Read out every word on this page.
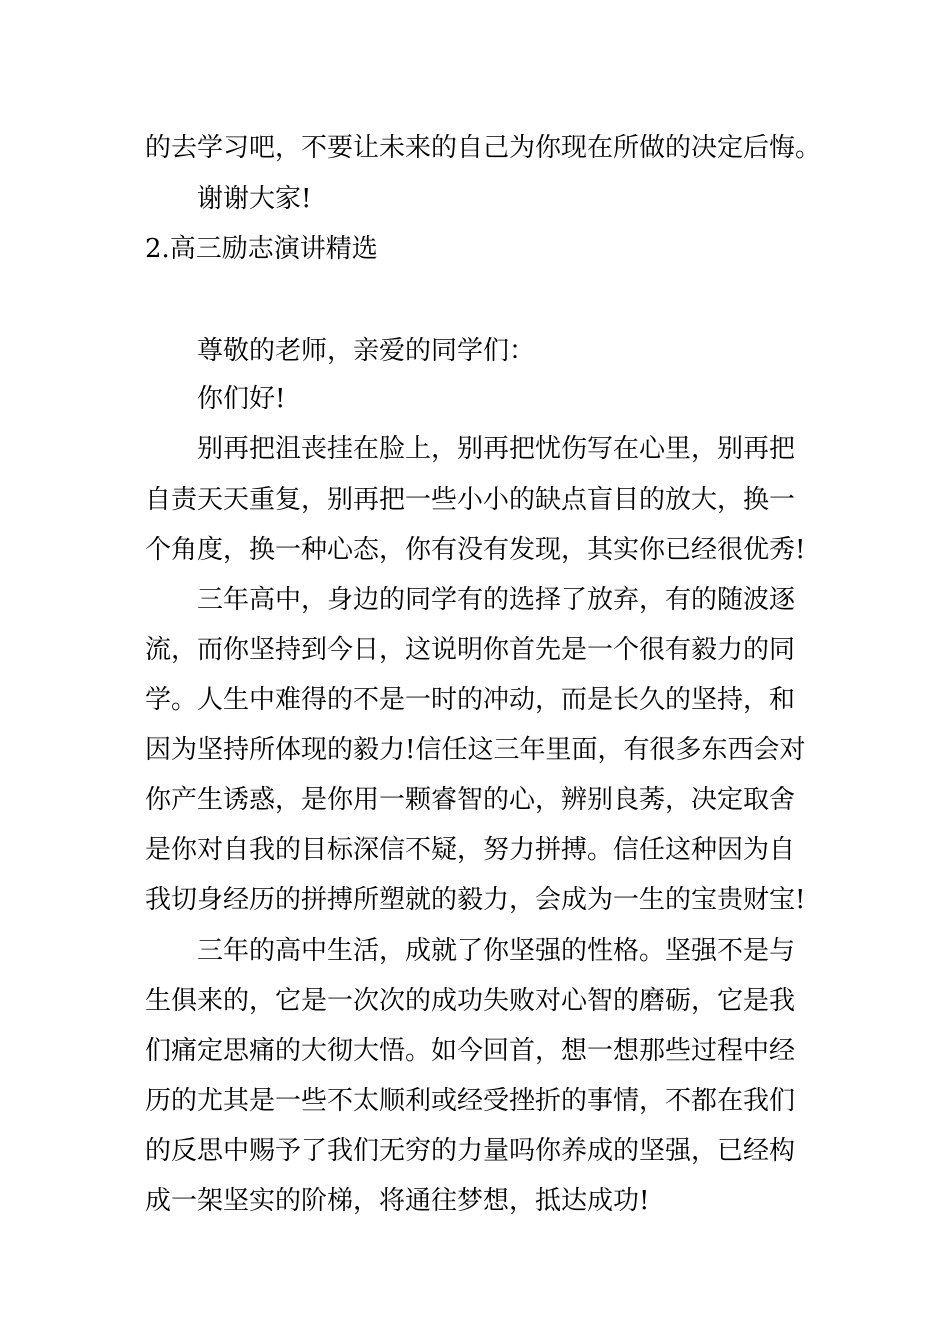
的去学习吧，不要让未来的自己为你现在所做的决定后悔。
谢谢大家!
2.高三励志演讲精选
尊敬的老师，亲爱的同学们：
你们好!
别再把沮丧挂在脸上，别再把忧伤写在心里，别再把
自责天天重复，别再把一些小小的缺点盲目的放大，换一
个角度，换一种心态，你有没有发现，其实你已经很优秀!
三年高中，身边的同学有的选择了放弃，有的随波逐
流，而你坚持到今日，这说明你首先是一个很有毅力的同
学。人生中难得的不是一时的冲动，而是长久的坚持，和
因为坚持所体现的毅力!信任这三年里面，有很多东西会对
你产生诱惑，是你用一颗睿智的心，辨别良莠，决定取舍
是你对自我的目标深信不疑，努力拼搏。信任这种因为自
我切身经历的拼搏所塑就的毅力，会成为一生的宝贵财宝!
三年的高中生活，成就了你坚强的性格。坚强不是与
生俱来的，它是一次次的成功失败对心智的磨砺，它是我
们痛定思痛的大彻大悟。如今回首，想一想那些过程中经
历的尤其是一些不太顺利或经受挫折的事情，不都在我们
的反思中赐予了我们无穷的力量吗你养成的坚强，已经构
成一架坚实的阶梯，将通往梦想，抵达成功!
